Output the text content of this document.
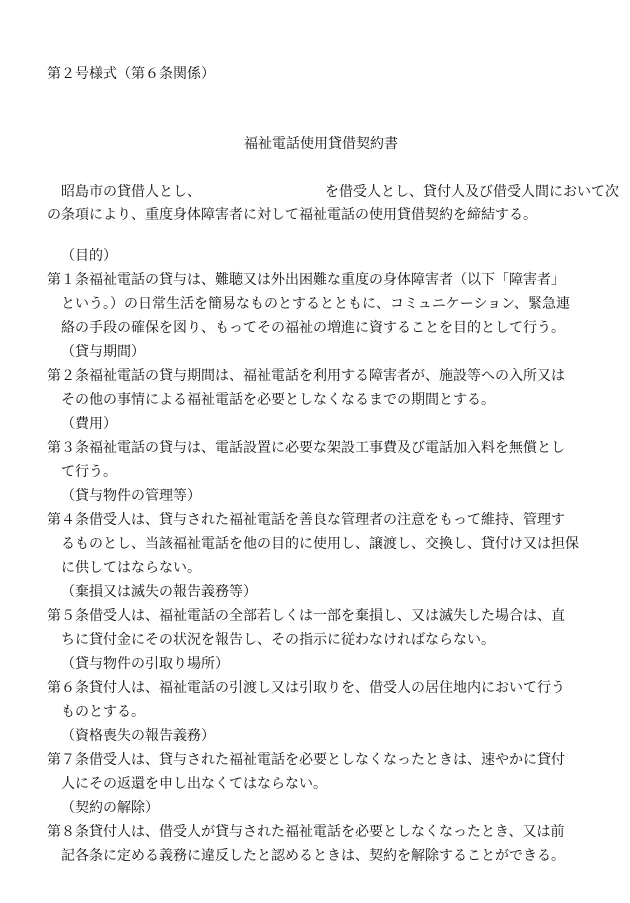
第２号様式（第６条関係）
福祉電話使用貸借契約書
　昭島市の貸借人とし、	を借受人とし、貸付人及び借受人間において次
の条項により、重度身体障害者に対して福祉電話の使用貸借契約を締結する。
（目的）
第１条福祉電話の貸与は、難聴又は外出困難な重度の身体障害者（以下「障害者」
という。）の日常生活を簡易なものとするとともに、コミュニケーション、緊急連
絡の手段の確保を図り、もってその福祉の増進に資することを目的として行う。
（貸与期間）
第２条福祉電話の貸与期間は、福祉電話を利用する障害者が、施設等への入所又は
その他の事情による福祉電話を必要としなくなるまでの期間とする。
（費用）
第３条福祉電話の貸与は、電話設置に必要な架設工事費及び電話加入料を無償とし
て行う。
（貸与物件の管理等）
第４条借受人は、貸与された福祉電話を善良な管理者の注意をもって維持、管理す
るものとし、当該福祉電話を他の目的に使用し、譲渡し、交換し、貸付け又は担保
に供してはならない。
（棄損又は滅失の報告義務等）
第５条借受人は、福祉電話の全部若しくは一部を棄損し、又は滅失した場合は、直
ちに貸付金にその状況を報告し、その指示に従わなければならない。
（貸与物件の引取り場所）
第６条貸付人は、福祉電話の引渡し又は引取りを、借受人の居住地内において行う
ものとする。
（資格喪失の報告義務）
第７条借受人は、貸与された福祉電話を必要としなくなったときは、速やかに貸付
人にその返還を申し出なくてはならない。
（契約の解除）
第８条貸付人は、借受人が貸与された福祉電話を必要としなくなったとき、又は前
記各条に定める義務に違反したと認めるときは、契約を解除することができる。
